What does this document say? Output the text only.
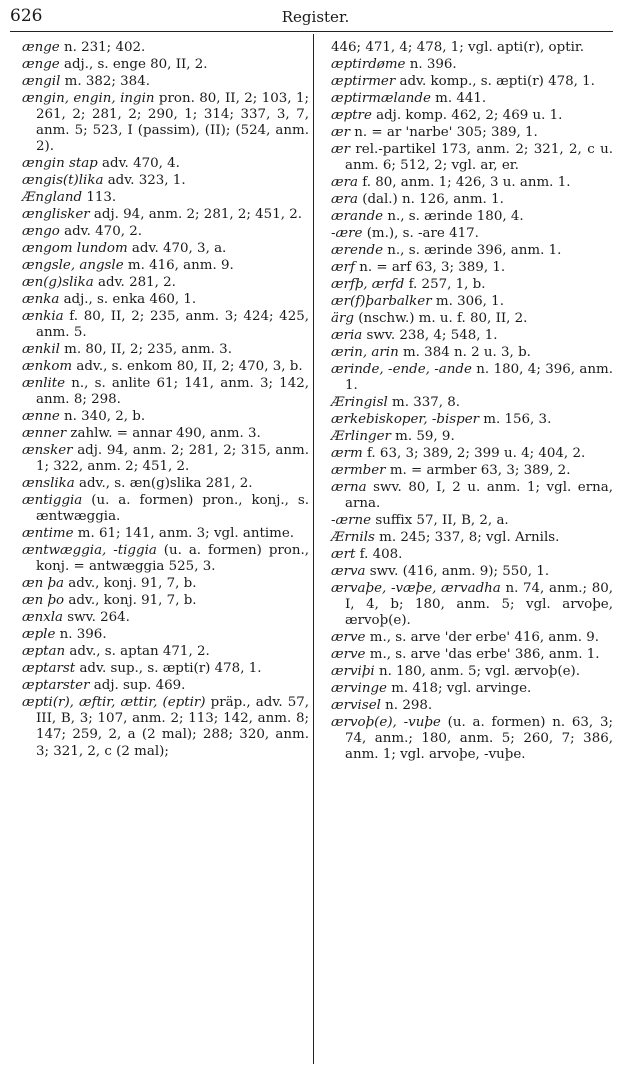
626	Register.
ænge n. 231; 402.
ænge adj., s. enge 80, II, 2.
ængil m. 382; 384.
ængin, engin, ingin pron. 80, II, 2; 103, 1; 261, 2; 281, 2; 290, 1; 314; 337, 3, 7, anm. 5; 523, I (passim), (II); (524, anm. 2).
ængin stap adv. 470, 4.
ængis(t)lika adv. 323, 1.
Ængland 113.
ænglisker adj. 94, anm. 2; 281, 2; 451, 2.
ængo adv. 470, 2.
ængom lundom adv. 470, 3, a.
ængsle, angsle m. 416, anm. 9.
æn(g)slika adv. 281, 2.
ænka adj., s. enka 460, 1.
ænkia f. 80, II, 2; 235, anm. 3; 424; 425, anm. 5.
ænkil m. 80, II, 2; 235, anm. 3.
ænkom adv., s. enkom 80, II, 2; 470, 3, b.
ænlite n., s. anlite 61; 141, anm. 3; 142, anm. 8; 298.
ænne n. 340, 2, b.
ænner zahlw. = annar 490, anm. 3.
ænsker adj. 94, anm. 2; 281, 2; 315, anm. 1; 322, anm. 2; 451, 2.
ænslika adv., s. æn(g)slika 281, 2.
æntiggia (u. a. formen) pron., konj., s. æntwæggia.
æntime m. 61; 141, anm. 3; vgl. antime.
æntwæggia, -tiggia (u. a. formen) pron., konj. = antwæggia 525, 3.
æn þa adv., konj. 91, 7, b.
æn þo adv., konj. 91, 7, b.
ænxla swv. 264.
æple n. 396.
æptan adv., s. aptan 471, 2.
æptarst adv. sup., s. æpti(r) 478, 1.
æptarster adj. sup. 469.
æpti(r), æftir, ættir, (eptir) präp., adv. 57, III, B, 3; 107, anm. 2; 113; 142, anm. 8; 147; 259, 2, a (2 mal); 288; 320, anm. 3; 321, 2, c (2 mal);
446; 471, 4; 478, 1; vgl. apti(r), optir.
æptirdøme n. 396.
æptirmer adv. komp., s. æpti(r) 478, 1.
æptirmælande m. 441.
æptre adj. komp. 462, 2; 469 u. 1.
ær n. = ar 'narbe' 305; 389, 1.
ær rel.-partikel 173, anm. 2; 321, 2, c u. anm. 6; 512, 2; vgl. ar, er.
æra f. 80, anm. 1; 426, 3 u. anm. 1.
æra (dal.) n. 126, anm. 1.
ærande n., s. ærinde 180, 4.
-ære (m.), s. -are 417.
ærende n., s. ærinde 396, anm. 1.
ærf n. = arf 63, 3; 389, 1.
ærfþ, ærfd f. 257, 1, b.
ær(f)þarbalker m. 306, 1.
ärg (nschw.) m. u. f. 80, II, 2.
æria swv. 238, 4; 548, 1.
ærin, arin m. 384 n. 2 u. 3, b.
ærinde, -ende, -ande n. 180, 4; 396, anm. 1.
Æringisl m. 337, 8.
ærkebiskoper, -bisper m. 156, 3.
Ærlinger m. 59, 9.
ærm f. 63, 3; 389, 2; 399 u. 4; 404, 2.
ærmber m. = armber 63, 3; 389, 2.
ærna swv. 80, I, 2 u. anm. 1; vgl. erna, arna.
-ærne suffix 57, II, B, 2, a.
Ærnils m. 245; 337, 8; vgl. Arnils.
ært f. 408.
ærva swv. (416, anm. 9); 550, 1.
ærvaþe, -væþe, ærvadha n. 74, anm.; 80, I, 4, b; 180, anm. 5; vgl. arvoþe, ærvoþ(e).
ærve m., s. arve 'der erbe' 416, anm. 9.
ærve m., s. arve 'das erbe' 386, anm. 1.
ærviþi n. 180, anm. 5; vgl. ærvoþ(e).
ærvinge m. 418; vgl. arvinge.
ærvisel n. 298.
ærvoþ(e), -vuþe (u. a. formen) n. 63, 3; 74, anm.; 180, anm. 5; 260, 7; 386, anm. 1; vgl. arvoþe, -vuþe.
